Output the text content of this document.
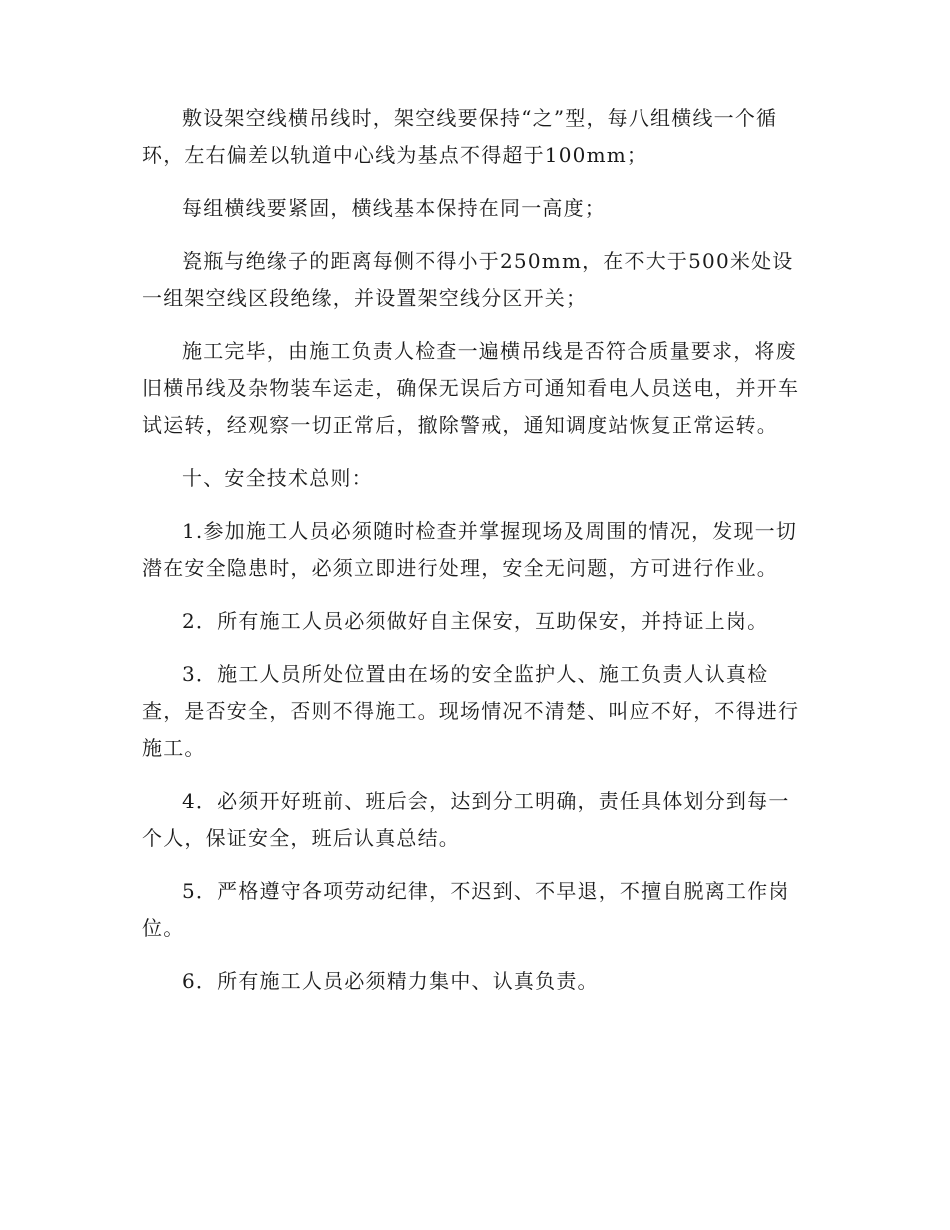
敷设架空线横吊线时，架空线要保持“之”型，每八组横线一个循环，左右偏差以轨道中心线为基点不得超于100mm；

每组横线要紧固，横线基本保持在同一高度；

瓷瓶与绝缘子的距离每侧不得小于250mm，在不大于500米处设一组架空线区段绝缘，并设置架空线分区开关；

施工完毕，由施工负责人检查一遍横吊线是否符合质量要求，将废旧横吊线及杂物装车运走，确保无误后方可通知看电人员送电，并开车试运转，经观察一切正常后，撤除警戒，通知调度站恢复正常运转。

十、安全技术总则：

1.参加施工人员必须随时检查并掌握现场及周围的情况，发现一切潜在安全隐患时，必须立即进行处理，安全无问题，方可进行作业。

2．所有施工人员必须做好自主保安，互助保安，并持证上岗。

3．施工人员所处位置由在场的安全监护人、施工负责人认真检查，是否安全，否则不得施工。现场情况不清楚、叫应不好，不得进行施工。

4．必须开好班前、班后会，达到分工明确，责任具体划分到每一个人，保证安全，班后认真总结。

5．严格遵守各项劳动纪律，不迟到、不早退，不擅自脱离工作岗位。

6．所有施工人员必须精力集中、认真负责。
